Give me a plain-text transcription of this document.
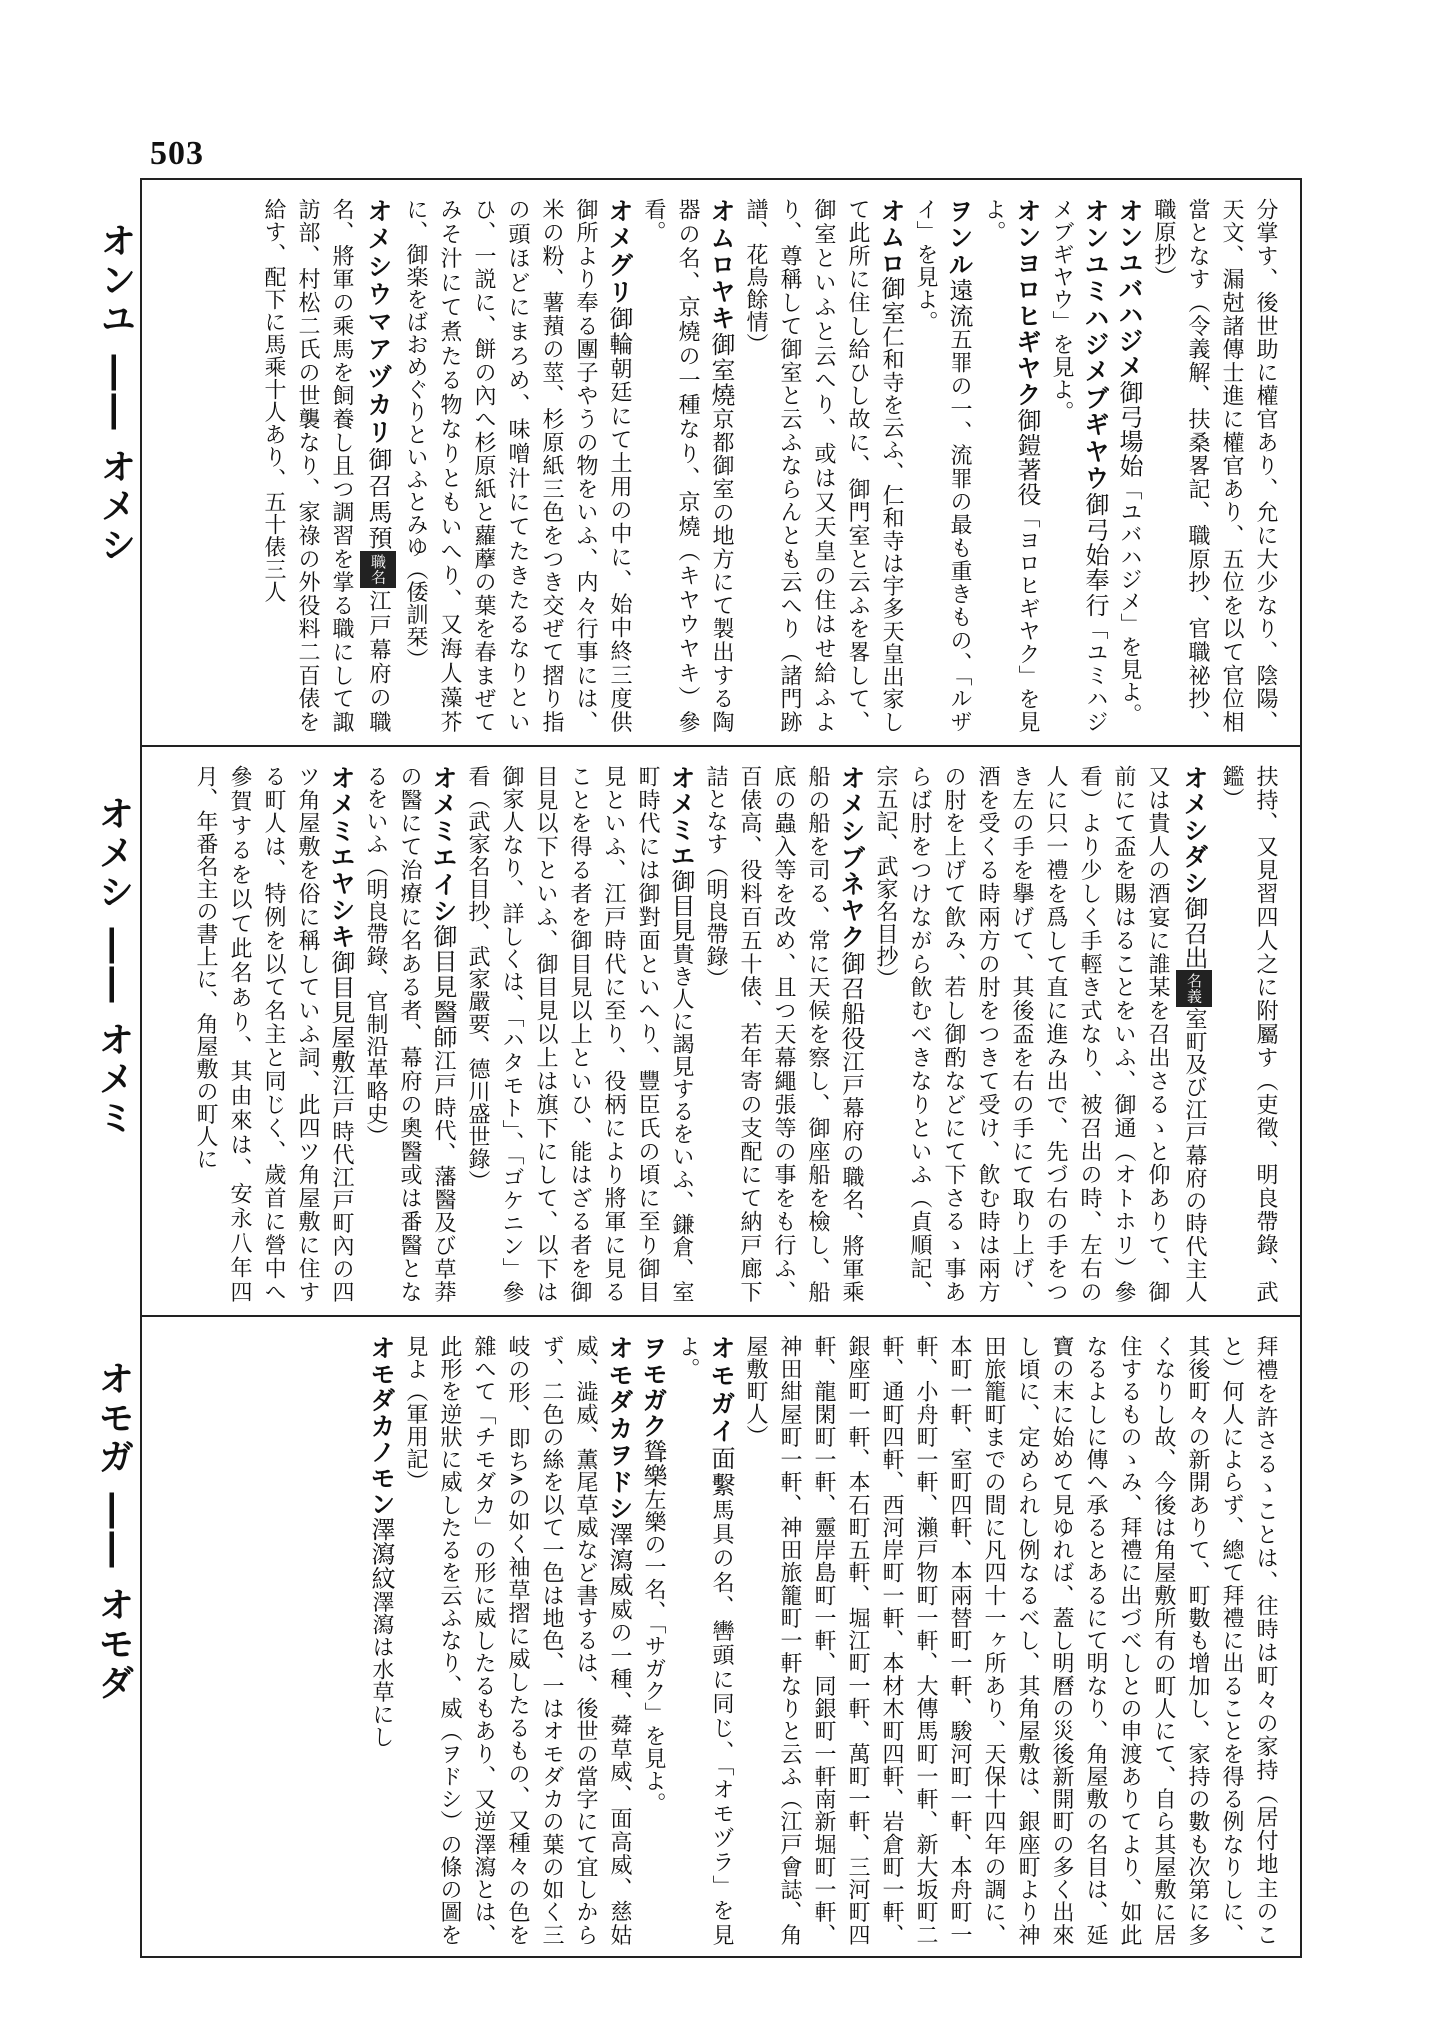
503
オンユ ―― オメシ
オメシ ―― オメミ
オモガ ―― オモダ
分掌す、後世助に權官あり、允に大少なり、陰陽、天文、漏尅諸傳士進に權官あり、五位を以て官位相當となす（令義解、扶桑畧記、職原抄、官職祕抄、職原抄）
オンユバハジメ御弓場始「ユバハジメ」を見よ。
オンユミハジメブギヤウ御弓始奉行「ユミハジメブギヤウ」を見よ。
オンヨロヒギヤク御鎧著役「ヨロヒギヤク」を見よ。
ヲンル遠流五罪の一、流罪の最も重きもの、「ルザイ」を見よ。
オムロ御室仁和寺を云ふ、仁和寺は宇多天皇出家して此所に住し給ひし故に、御門室と云ふを畧して、御室といふと云へり、或は又天皇の住はせ給ふより、尊稱して御室と云ふならんとも云へり（諸門跡譜、花鳥餘情）
オムロヤキ御室燒京都御室の地方にて製出する陶器の名、京燒の一種なり、京燒（キヤウヤキ）參看。
オメグリ御輪朝廷にて土用の中に、始中終三度供御所より奉る團子やうの物をいふ、内々行事には、米の粉、薯蕷の莖、杉原紙三色をつき交ぜて摺り指の頭ほどにまろめ、味噌汁にてたきたるなりといひ、一説に、餅の內へ杉原紙と蘿藦の葉を春まぜてみそ汁にて煮たる物なりともいへり、又海人藻芥に、御楽をばおめぐりといふとみゆ（倭訓栞）
オメシウマアヅカリ御召馬預職名江戸幕府の職名、將軍の乘馬を飼養し且つ調習を掌る職にして諏訪部、村松二氏の世襲なり、家祿の外役料二百俵を給す、配下に馬乘十人あり、五十俵三人
扶持、又見習四人之に附屬す（吏徵、明良帶錄、武鑑）
オメシダシ御召出名義室町及び江戸幕府の時代主人又は貴人の酒宴に誰某を召出さるゝと仰ありて、御前にて盃を賜はることをいふ、御通（オトホリ）參看）より少しく手輕き式なり、被召出の時、左右の人に只一禮を爲して直に進み出で、先づ右の手をつき左の手を擧げて、其後盃を右の手にて取り上げ、酒を受くる時兩方の肘をつきて受け、飮む時は兩方の肘を上げて飮み、若し御酌などにて下さるゝ事あらば肘をつけながら飮むべきなりといふ（貞順記、宗五記、武家名目抄）
オメシブネヤク御召船役江戸幕府の職名、將軍乘船の船を司る、常に天候を察し、御座船を檢し、船底の蟲入等を改め、且つ天幕繩張等の事をも行ふ、百俵高、役料百五十俵、若年寄の支配にて納戸廊下詰となす（明良帶錄）
オメミエ御目見貴き人に謁見するをいふ、鎌倉、室町時代には御對面といへり、豐臣氏の頃に至り御目見といふ、江戸時代に至り、役柄により將軍に見ることを得る者を御目見以上といひ、能はざる者を御目見以下といふ、御目見以上は旗下にして、以下は御家人なり、詳しくは、「ハタモト」、「ゴケニン」參看（武家名目抄、武家嚴要、德川盛世錄）
オメミエイシ御目見醫師江戸時代、藩醫及び草莽の醫にて治療に名ある者、幕府の奧醫或は番醫となるをいふ（明良帶錄、官制沿革略史）
オメミエヤシキ御目見屋敷江戸時代江戸町內の四ツ角屋敷を俗に稱していふ詞、此四ツ角屋敷に住する町人は、特例を以て名主と同じく、歲首に營中へ參賀するを以て此名あり、其由來は、安永八年四月、年番名主の書上に、角屋敷の町人に
拜禮を許さるゝことは、往時は町々の家持（居付地主のこと）何人によらず、總て拜禮に出ることを得る例なりしに、其後町々の新開ありて、町數も增加し、家持の數も次第に多くなりし故、今後は角屋敷所有の町人にて、自ら其屋敷に居住するものゝみ、拜禮に出づべしとの申渡ありてより、如此なるよしに傳へ承るとあるにて明なり、角屋敷の名目は、延寶の末に始めて見ゆれば、蓋し明曆の災後新開町の多く出來し頃に、定められし例なるべし、其角屋敷は、銀座町より神田旅籠町までの間に凡四十一ヶ所あり、天保十四年の調に、本町一軒、室町四軒、本兩替町一軒、駿河町一軒、本舟町一軒、小舟町一軒、瀨戸物町一軒、大傳馬町一軒、新大坂町二軒、通町四軒、西河岸町一軒、本材木町四軒、岩倉町一軒、銀座町一軒、本石町五軒、堀江町一軒、萬町一軒、三河町四軒、龍閑町一軒、靈岸島町一軒、同銀町一軒南新堀町一軒、神田紺屋町一軒、神田旅籠町一軒なりと云ふ（江戸會誌、角屋敷町人）
オモガイ面繫馬具の名、轡頭に同じ、「オモヅラ」を見よ。
ヲモガク聳樂左樂の一名、「サガク」を見よ。
オモダカヲドシ澤瀉威威の一種、蕣草威、面高威、慈姑威、澁威、薫尾草威など書するは、後世の當字にて宜しからず、二色の絲を以て一色は地色、一はオモダカの葉の如く三岐の形、即ち⩚の如く袖草摺に威したるもの、又種々の色を雜へて「チモダカ」の形に威したるもあり、又逆澤瀉とは、此形を逆狀に威したるを云ふなり、威（ヲドシ）の條の圖を見よ（軍用記）
オモダカノモン澤瀉紋澤瀉は水草にし
